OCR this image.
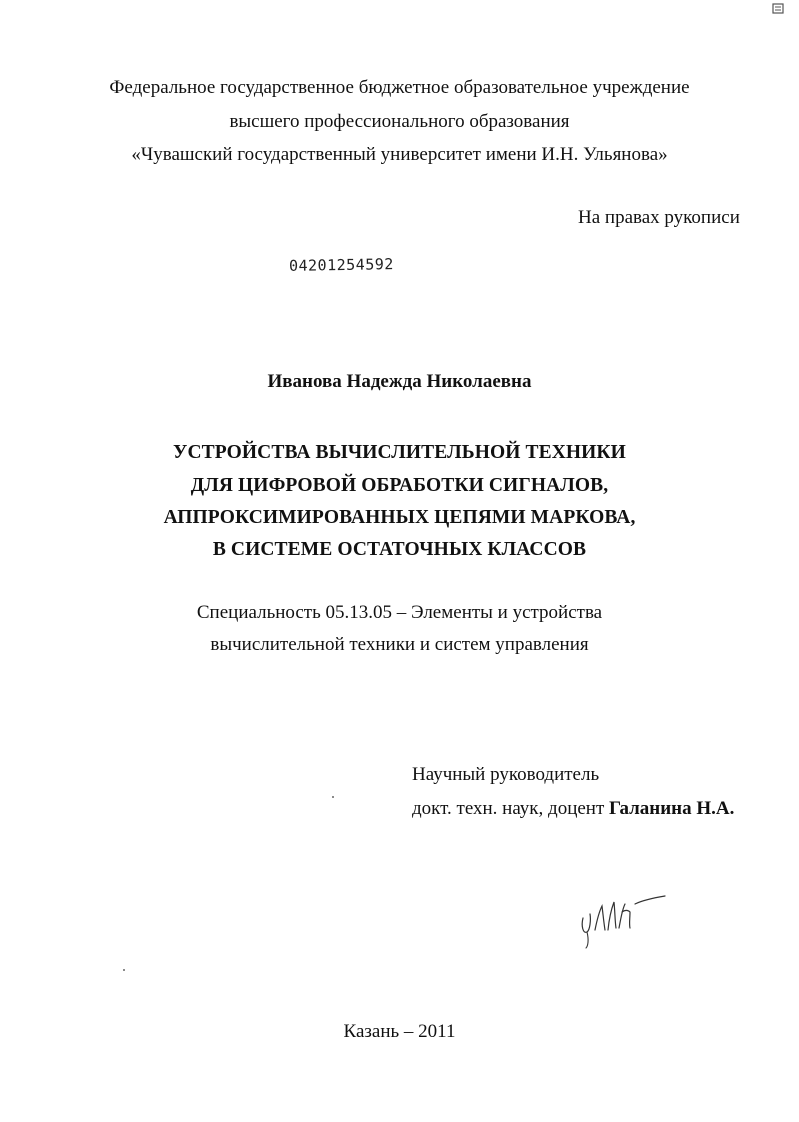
Федеральное государственное бюджетное образовательное учреждение
высшего профессионального образования
«Чувашский государственный университет имени И.Н. Ульянова»
На правах рукописи
04201254592
Иванова Надежда Николаевна
УСТРОЙСТВА ВЫЧИСЛИТЕЛЬНОЙ ТЕХНИКИ
ДЛЯ ЦИФРОВОЙ ОБРАБОТКИ СИГНАЛОВ,
АППРОКСИМИРОВАННЫХ ЦЕПЯМИ МАРКОВА,
В СИСТЕМЕ ОСТАТОЧНЫХ КЛАССОВ
Специальность 05.13.05 – Элементы и устройства
вычислительной техники и систем управления
Научный руководитель
докт. техн. наук, доцент Галанина Н.А.
Казань – 2011
